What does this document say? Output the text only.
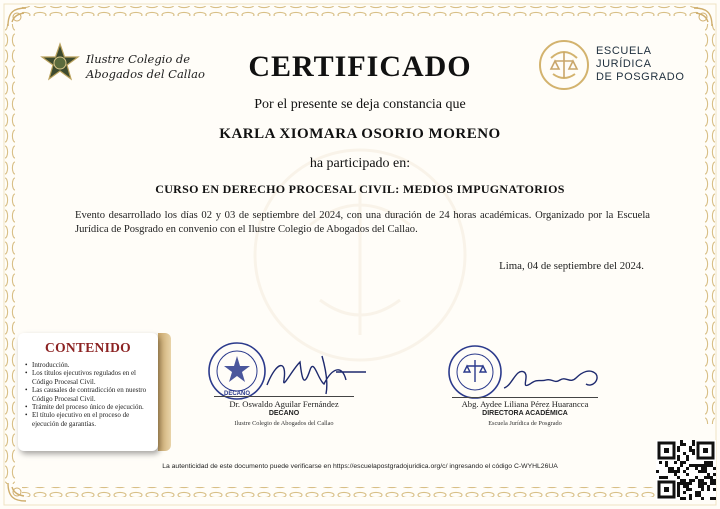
Ilustre Colegio de
Abogados del Callao	CERTIFICADO	ESCUELA
JURÍDICA
DE POSGRADO
Por el presente se deja constancia que
KARLA XIOMARA OSORIO MORENO
ha participado en:
CURSO EN DERECHO PROCESAL CIVIL: MEDIOS IMPUGNATORIOS
Evento desarrollado los días 02 y 03 de septiembre del 2024, con una duración de 24 horas académicas. Organizado por la Escuela Jurídica de Posgrado en convenio con el Ilustre Colegio de Abogados del Callao.
Lima, 04 de septiembre del 2024.
CONTENIDO
• Introducción.
• Los títulos ejecutivos regulados en el Código Procesal Civil.
• Las causales de contradicción en nuestro Código Procesal Civil.
• Trámite del proceso único de ejecución.
• El título ejecutivo en el proceso de ejecución de garantías.
DECANO
Dr. Oswaldo Aguilar Fernández
DECANO
Ilustre Colegio de Abogados del Callao
Abg. Aydee Liliana Pérez Huarancca
DIRECTORA ACADÉMICA
Escuela Jurídica de Posgrado
La autenticidad de este documento puede verificarse en https://escuelapostgradojuridica.org/c/ ingresando el código C-WYHL26UA
